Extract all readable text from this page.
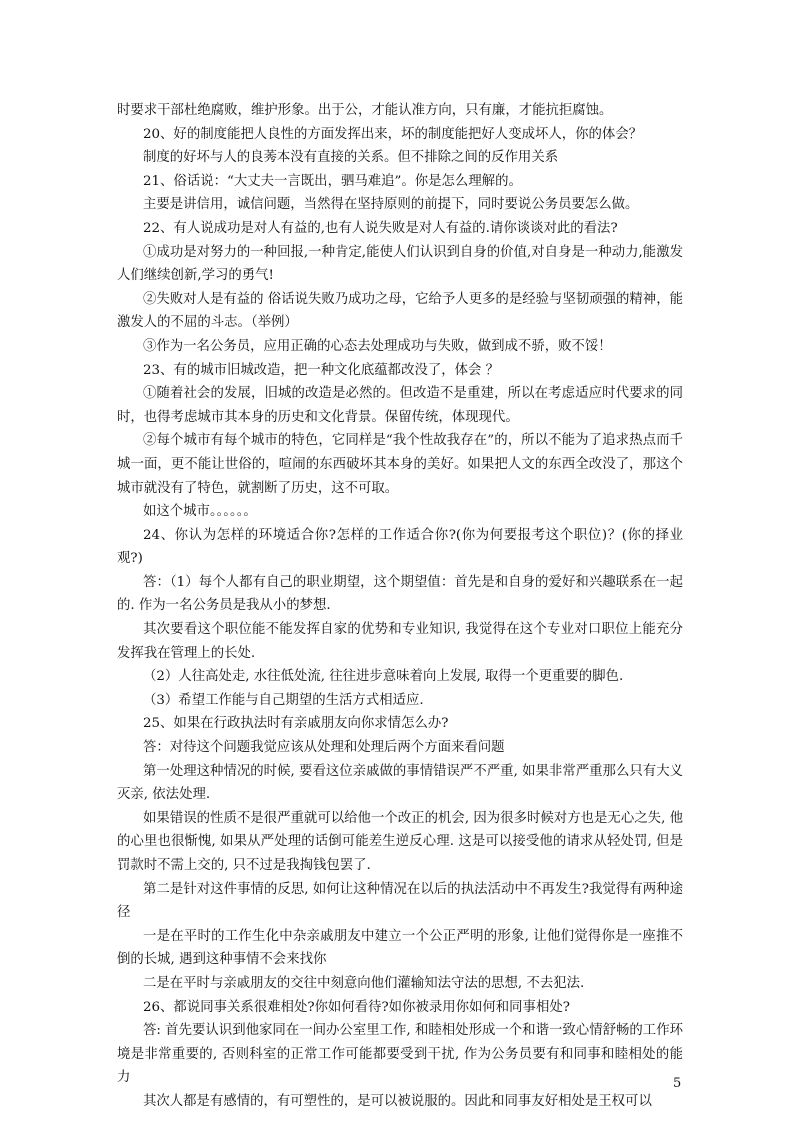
时要求干部杜绝腐败，维护形象。出于公，才能认准方向，只有廉，才能抗拒腐蚀。

20、好的制度能把人良性的方面发挥出来，坏的制度能把好人变成坏人，你的体会？

制度的好坏与人的良莠本没有直接的关系。但不排除之间的反作用关系

21、俗话说：“大丈夫一言既出，驷马难追”。你是怎么理解的。

主要是讲信用，诚信问题，当然得在坚持原则的前提下，同时要说公务员要怎么做。

22、有人说成功是对人有益的,也有人说失败是对人有益的.请你谈谈对此的看法?

①成功是对努力的一种回报,一种肯定,能使人们认识到自身的价值,对自身是一种动力,能激发人们继续创新,学习的勇气!

②失败对人是有益的 俗话说失败乃成功之母，它给予人更多的是经验与坚韧顽强的精神，能激发人的不屈的斗志。（举例）

③作为一名公务员，应用正确的心态去处理成功与失败，做到成不骄，败不馁！

23、有的城市旧城改造，把一种文化底蕴都改没了，体会 ？

①随着社会的发展，旧城的改造是必然的。但改造不是重建，所以在考虑适应时代要求的同时，也得考虑城市其本身的历史和文化背景。保留传统，体现现代。

②每个城市有每个城市的特色，它同样是“我个性故我存在”的，所以不能为了追求热点而千城一面，更不能让世俗的，喧闹的东西破坏其本身的美好。如果把人文的东西全改没了，那这个城市就没有了特色，就割断了历史，这不可取。

如这个城市。。。。。。

24、你认为怎样的环境适合你?怎样的工作适合你?(你为何要报考这个职位)？(你的择业观?)

答：（1）每个人都有自己的职业期望，这个期望值：首先是和自身的爱好和兴趣联系在一起的. 作为一名公务员是我从小的梦想.

其次要看这个职位能不能发挥自家的优势和专业知识, 我觉得在这个专业对口职位上能充分发挥我在管理上的长处.

（2）人往高处走, 水往低处流, 往往进步意味着向上发展, 取得一个更重要的脚色.

（3）希望工作能与自己期望的生活方式相适应.

25、如果在行政执法时有亲戚朋友向你求情怎么办?

答：对待这个问题我觉应该从处理和处理后两个方面来看问题

第一处理这种情况的时候, 要看这位亲戚做的事情错误严不严重, 如果非常严重那么只有大义灭亲, 依法处理.

如果错误的性质不是很严重就可以给他一个改正的机会, 因为很多时候对方也是无心之失, 他的心里也很惭愧, 如果从严处理的话倒可能差生逆反心理. 这是可以接受他的请求从轻处罚, 但是罚款时不需上交的, 只不过是我掏钱包罢了.

第二是针对这件事情的反思, 如何让这种情况在以后的执法活动中不再发生?我觉得有两种途径

一是在平时的工作生化中杂亲戚朋友中建立一个公正严明的形象, 让他们觉得你是一座推不倒的长城, 遇到这种事情不会来找你

二是在平时与亲戚朋友的交往中刻意向他们灌输知法守法的思想, 不去犯法.

26、都说同事关系很难相处?你如何看待?如你被录用你如何和同事相处?

答: 首先要认识到他家同在一间办公室里工作, 和睦相处形成一个和谐一致心情舒畅的工作环境是非常重要的, 否则科室的正常工作可能都要受到干扰, 作为公务员要有和同事和睦相处的能力

其次人都是有感情的，有可塑性的，是可以被说服的。因此和同事友好相处是王权可以

5
